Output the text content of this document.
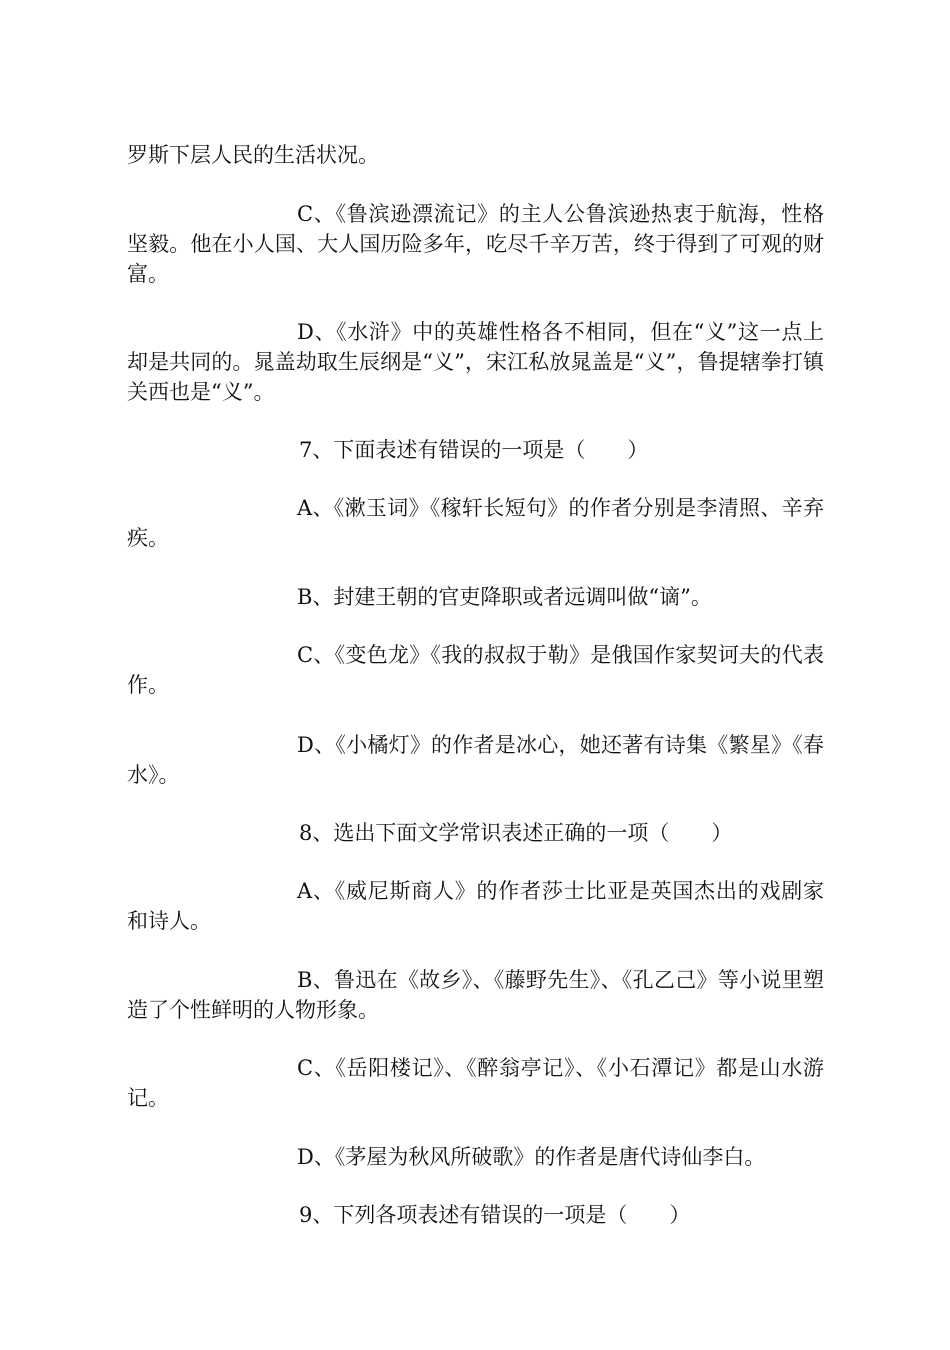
罗斯下层人民的生活状况。

C、《鲁滨逊漂流记》的主人公鲁滨逊热衷于航海，性格坚毅。他在小人国、大人国历险多年，吃尽千辛万苦，终于得到了可观的财富。

D、《水浒》中的英雄性格各不相同，但在“义”这一点上却是共同的。晁盖劫取生辰纲是“义”，宋江私放晁盖是“义”，鲁提辖拳打镇关西也是“义”。

7、下面表述有错误的一项是（　　）

A、《漱玉词》《稼轩长短句》的作者分别是李清照、辛弃疾。

B、封建王朝的官吏降职或者远调叫做“谪”。

C、《变色龙》《我的叔叔于勒》是俄国作家契诃夫的代表作。

D、《小橘灯》的作者是冰心，她还著有诗集《繁星》《春水》。

8、选出下面文学常识表述正确的一项（　　）

A、《威尼斯商人》的作者莎士比亚是英国杰出的戏剧家和诗人。

B、鲁迅在《故乡》、《藤野先生》、《孔乙己》等小说里塑造了个性鲜明的人物形象。

C、《岳阳楼记》、《醉翁亭记》、《小石潭记》都是山水游记。

D、《茅屋为秋风所破歌》的作者是唐代诗仙李白。

9、下列各项表述有错误的一项是（　　）
